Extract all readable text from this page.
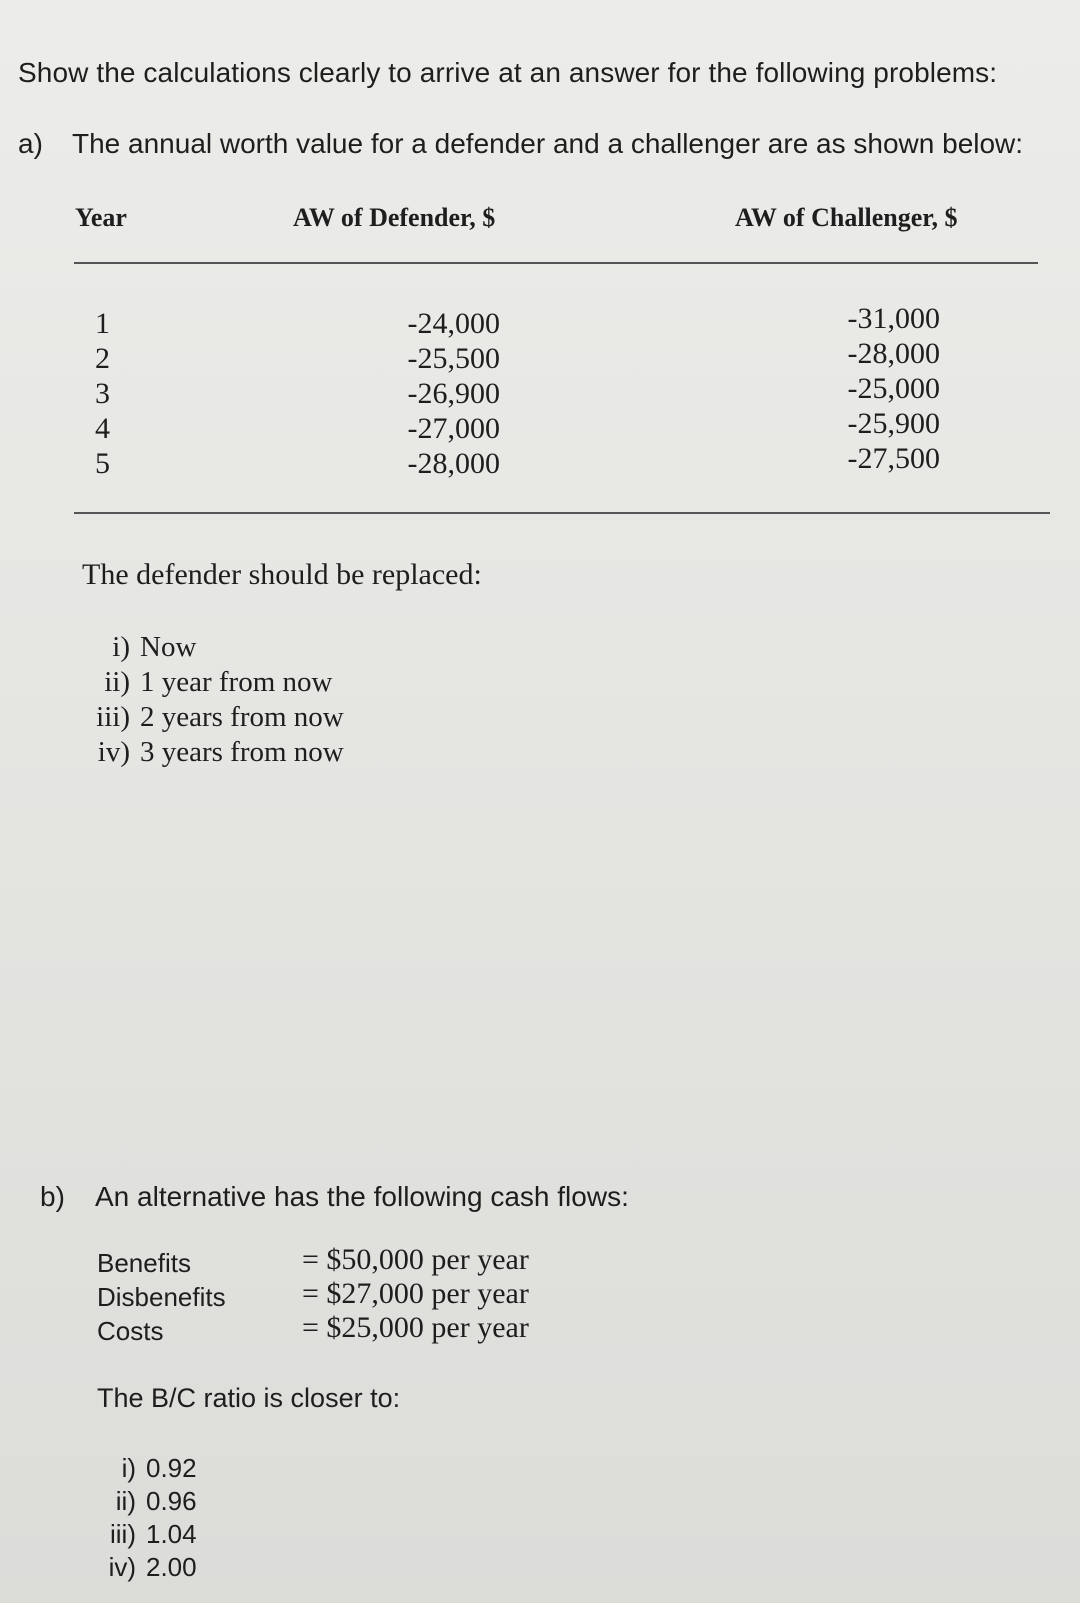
Show the calculations clearly to arrive at an answer for the following problems:
a) The annual worth value for a defender and a challenger are as shown below:
Year	AW of Defender, $	AW of Challenger, $
1
2
3
4
5
-24,000
-25,500
-26,900
-27,000
-28,000
-31,000
-28,000
-25,000
-25,900
-27,500
The defender should be replaced:
i) Now
ii) 1 year from now
iii) 2 years from now
iv) 3 years from now
b) An alternative has the following cash flows:
Benefits
Disbenefits
Costs
= $50,000 per year
= $27,000 per year
= $25,000 per year
The B/C ratio is closer to:
i) 0.92
ii) 0.96
iii) 1.04
iv) 2.00
